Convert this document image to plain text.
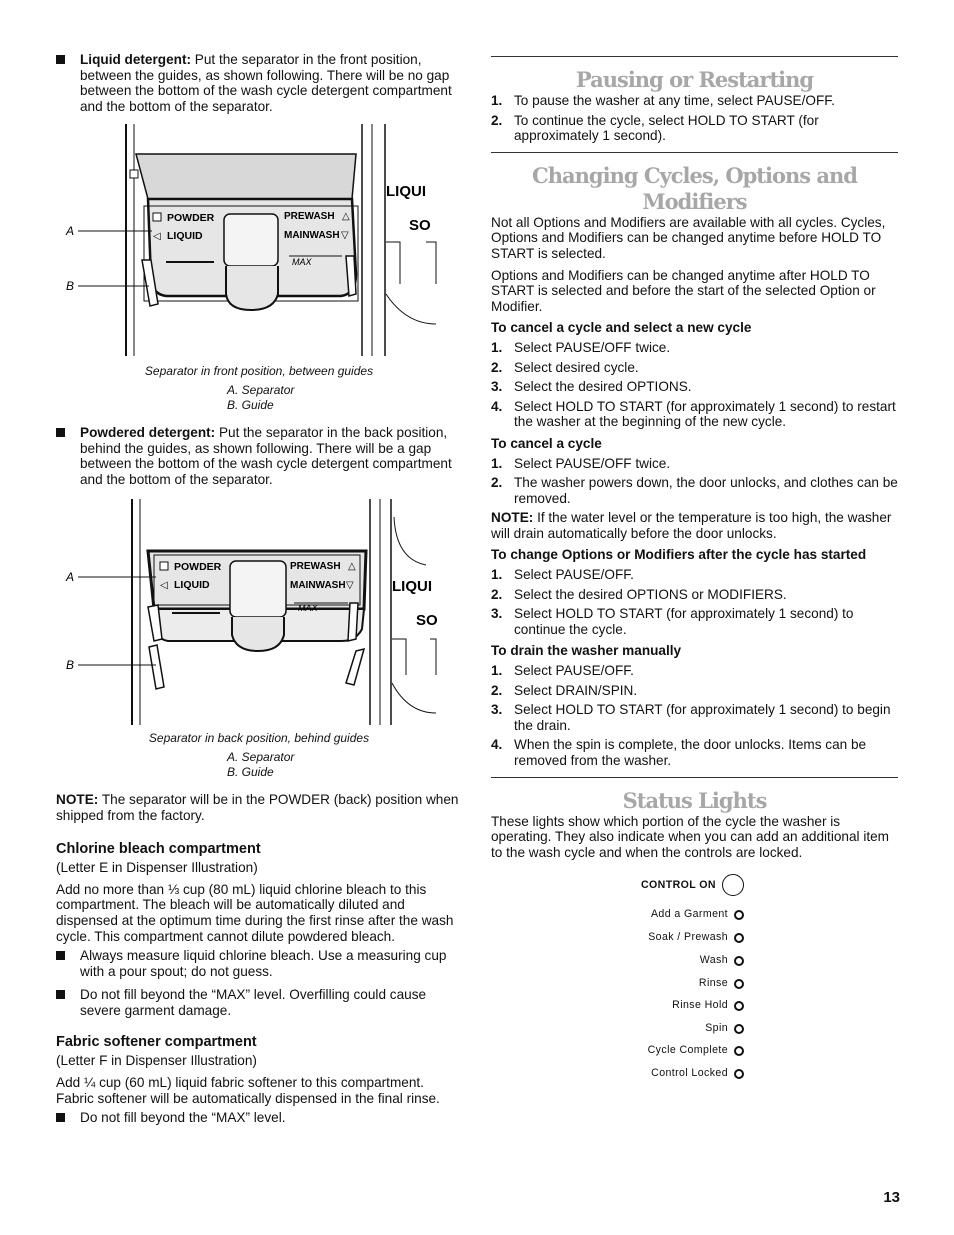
Liquid detergent: Put the separator in the front position, between the guides, as shown following. There will be no gap between the bottom of the wash cycle detergent compartment and the bottom of the separator.
POWDER
◁ LIQUID
PREWASH △
MAINWASH ▽
MAX
LIQUI
SO
A
B
Separator in front position, between guides
A. Separator
B. Guide
Powdered detergent: Put the separator in the back position, behind the guides, as shown following. There will be a gap between the bottom of the wash cycle detergent compartment and the bottom of the separator.
POWDER
◁ LIQUID
PREWASH △
MAINWASH ▽
MAX
LIQUI
SO
A
B
Separator in back position, behind guides
A. Separator
B. Guide

NOTE: The separator will be in the POWDER (back) position when shipped from the factory.

Chlorine bleach compartment

(Letter E in Dispenser Illustration)

Add no more than ⅓ cup (80 mL) liquid chlorine bleach to this compartment. The bleach will be automatically diluted and dispensed at the optimum time during the first rinse after the wash cycle. This compartment cannot dilute powdered bleach.

Always measure liquid chlorine bleach. Use a measuring cup with a pour spout; do not guess.
Do not fill beyond the “MAX” level. Overfilling could cause severe garment damage.
Fabric softener compartment

(Letter F in Dispenser Illustration)

Add ¼ cup (60 mL) liquid fabric softener to this compartment. Fabric softener will be automatically dispensed in the final rinse.

Do not fill beyond the “MAX” level.
Pausing or Restarting
1. To pause the washer at any time, select PAUSE/OFF.
2. To continue the cycle, select HOLD TO START (for approximately 1 second).
Changing Cycles, Options and Modifiers

Not all Options and Modifiers are available with all cycles. Cycles, Options and Modifiers can be changed anytime before HOLD TO START is selected.

Options and Modifiers can be changed anytime after HOLD TO START is selected and before the start of the selected Option or Modifier.

To cancel a cycle and select a new cycle
1. Select PAUSE/OFF twice.
2. Select desired cycle.
3. Select the desired OPTIONS.
4. Select HOLD TO START (for approximately 1 second) to restart the washer at the beginning of the new cycle.
To cancel a cycle
1. Select PAUSE/OFF twice.
2. The washer powers down, the door unlocks, and clothes can be removed.

NOTE: If the water level or the temperature is too high, the washer will drain automatically before the door unlocks.

To change Options or Modifiers after the cycle has started
1. Select PAUSE/OFF.
2. Select the desired OPTIONS or MODIFIERS.
3. Select HOLD TO START (for approximately 1 second) to continue the cycle.
To drain the washer manually
1. Select PAUSE/OFF.
2. Select DRAIN/SPIN.
3. Select HOLD TO START (for approximately 1 second) to begin the drain.
4. When the spin is complete, the door unlocks. Items can be removed from the washer.
Status Lights

These lights show which portion of the cycle the washer is operating. They also indicate when you can add an additional item to the wash cycle and when the controls are locked.

CONTROL ON
Add a Garment
Soak / Prewash
Wash
Rinse
Rinse Hold
Spin
Cycle Complete
Control Locked
13
